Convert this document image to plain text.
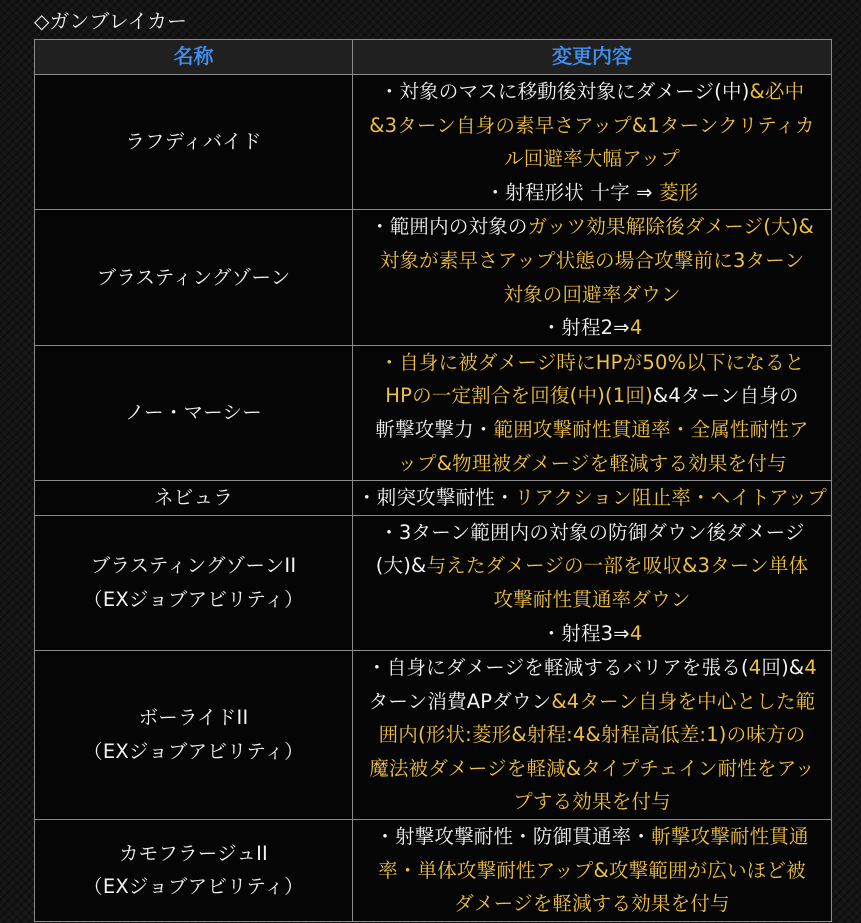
◇ガンブレイカー
名称	変更内容

ラフディバイド	・対象のマスに移動後対象にダメージ(中)&必中
&3ターン自身の素早さアップ&1ターンクリティカ
ル回避率大幅アップ
・射程形状 十字 ⇒ 菱形

ブラスティングゾーン	・範囲内の対象のガッツ効果解除後ダメージ(大)&
対象が素早さアップ状態の場合攻撃前に3ターン
対象の回避率ダウン
・射程2⇒4

ノー・マーシー	・自身に被ダメージ時にHPが50%以下になると
HPの一定割合を回復(中)(1回)&4ターン自身の
斬撃攻撃力・範囲攻撃耐性貫通率・全属性耐性ア
ップ&物理被ダメージを軽減する効果を付与

ネビュラ	・刺突攻撃耐性・リアクション阻止率・ヘイトアップ

ブラスティングゾーンII
（EXジョブアビリティ）	・3ターン範囲内の対象の防御ダウン後ダメージ
(大)&与えたダメージの一部を吸収&3ターン単体
攻撃耐性貫通率ダウン
・射程3⇒4

ボーライドII
（EXジョブアビリティ）	・自身にダメージを軽減するバリアを張る(4回)&4
ターン消費APダウン&4ターン自身を中心とした範
囲内(形状:菱形&射程:4&射程高低差:1)の味方の
魔法被ダメージを軽減&タイプチェイン耐性をアッ
プする効果を付与

カモフラージュII
（EXジョブアビリティ）	・射撃攻撃耐性・防御貫通率・斬撃攻撃耐性貫通
率・単体攻撃耐性アップ&攻撃範囲が広いほど被
ダメージを軽減する効果を付与
